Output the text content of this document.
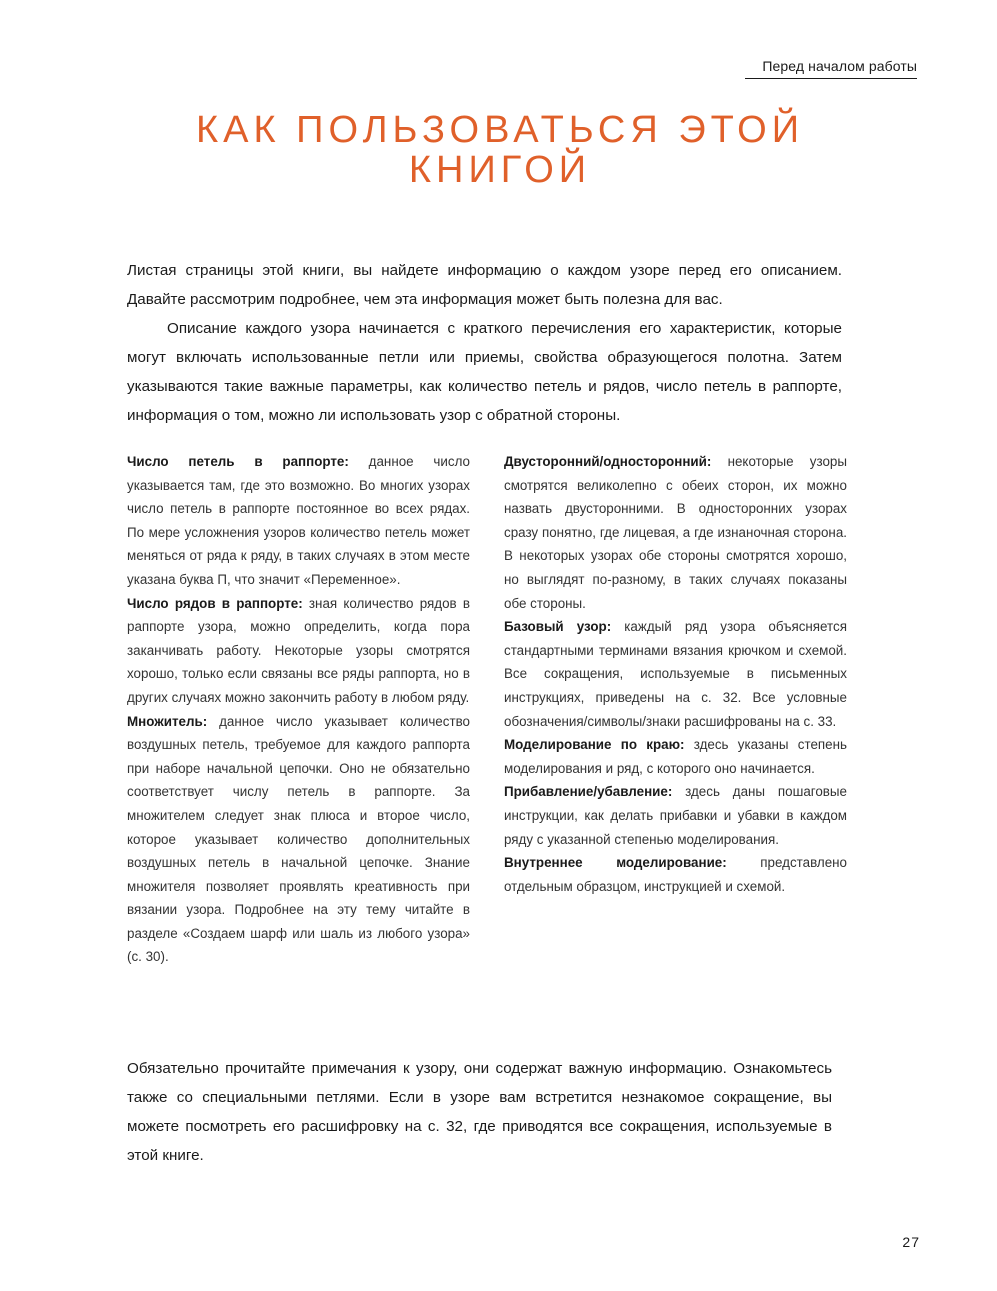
Перед началом работы
КАК ПОЛЬЗОВАТЬСЯ ЭТОЙ
КНИГОЙ

Листая страницы этой книги, вы найдете информацию о каждом узоре перед его описанием. Давайте рассмотрим подробнее, чем эта информация может быть полезна для вас.

Описание каждого узора начинается с краткого перечисления его характеристик, которые могут включать использованные петли или приемы, свойства образующегося полотна. Затем указываются такие важные параметры, как количество петель и рядов, число петель в раппорте, информация о том, можно ли использовать узор с обратной стороны.

Число петель в раппорте: данное число указывается там, где это возможно. Во многих узорах число петель в раппорте постоянное во всех рядах. По мере усложнения узоров количество петель может меняться от ряда к ряду, в таких случаях в этом месте указана буква П, что значит «Переменное».

Число рядов в раппорте: зная количество рядов в раппорте узора, можно определить, когда пора заканчивать работу. Некоторые узоры смотрятся хорошо, только если связаны все ряды раппорта, но в других случаях можно закончить работу в любом ряду.

Множитель: данное число указывает количество воздушных петель, требуемое для каждого раппорта при наборе начальной цепочки. Оно не обязательно соответствует числу петель в раппорте. За множителем следует знак плюса и второе число, которое указывает количество дополнительных воздушных петель в начальной цепочке. Знание множителя позволяет проявлять креативность при вязании узора. Подробнее на эту тему читайте в разделе «Создаем шарф или шаль из любого узора» (с. 30).

Двусторонний/односторонний: некоторые узоры смотрятся великолепно с обеих сторон, их можно назвать двусторонними. В односторонних узорах сразу понятно, где лицевая, а где изнаночная сторона. В некоторых узорах обе стороны смотрятся хорошо, но выглядят по-разному, в таких случаях показаны обе стороны.

Базовый узор: каждый ряд узора объясняется стандартными терминами вязания крючком и схемой. Все сокращения, используемые в письменных инструкциях, приведены на с. 32. Все условные обозначения/символы/знаки расшифрованы на с. 33.

Моделирование по краю: здесь указаны степень моделирования и ряд, с которого оно начинается.

Прибавление/убавление: здесь даны пошаговые инструкции, как делать прибавки и убавки в каждом ряду с указанной степенью моделирования.

Внутреннее моделирование: представлено отдельным образцом, инструкцией и схемой.

Обязательно прочитайте примечания к узору, они содержат важную информацию. Ознакомьтесь также со специальными петлями. Если в узоре вам встретится незнакомое сокращение, вы можете посмотреть его расшифровку на с. 32, где приводятся все сокращения, используемые в этой книге.

27
